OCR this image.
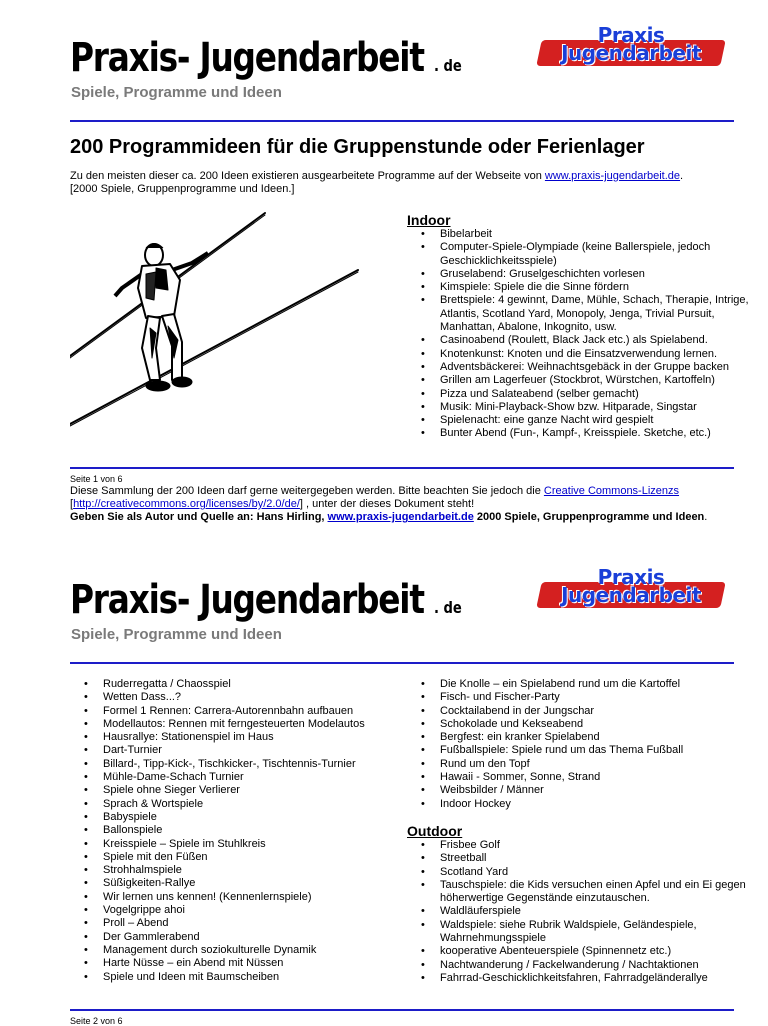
Praxis- Jugendarbeit . de
Spiele, Programme und Ideen
Praxis
Jugendarbeit
200 Programmideen für die Gruppenstunde oder Ferienlager
Zu den meisten dieser ca. 200 Ideen existieren ausgearbeitete Programme auf der Webseite von www.praxis-jugendarbeit.de.
[2000 Spiele, Gruppenprogramme und Ideen.]
Indoor
• Bibelarbeit
• Computer-Spiele-Olympiade (keine Ballerspiele, jedoch Geschicklichkeitsspiele)
• Gruselabend: Gruselgeschichten vorlesen
• Kimspiele: Spiele die die Sinne fördern
• Brettspiele: 4 gewinnt, Dame, Mühle, Schach, Therapie, Intrige, Atlantis, Scotland Yard, Monopoly, Jenga, Trivial Pursuit, Manhattan, Abalone, Inkognito, usw.
• Casinoabend (Roulett, Black Jack etc.) als Spielabend.
• Knotenkunst: Knoten und die Einsatzverwendung lernen.
• Adventsbäckerei: Weihnachtsgebäck in der Gruppe backen
• Grillen am Lagerfeuer (Stockbrot, Würstchen, Kartoffeln)
• Pizza und Salateabend (selber gemacht)
• Musik: Mini-Playback-Show bzw. Hitparade, Singstar
• Spielenacht: eine ganze Nacht wird gespielt
• Bunter Abend (Fun-, Kampf-, Kreisspiele. Sketche, etc.)
Seite 1 von 6
Diese Sammlung der 200 Ideen darf gerne weitergegeben werden. Bitte beachten Sie jedoch die Creative Commons-Lizenzs
[http://creativecommons.org/licenses/by/2.0/de/] , unter der dieses Dokument steht!
Geben Sie als Autor und Quelle an: Hans Hirling, www.praxis-jugendarbeit.de 2000 Spiele, Gruppenprogramme und Ideen.
Praxis- Jugendarbeit . de
Spiele, Programme und Ideen
Praxis
Jugendarbeit
• Ruderregatta / Chaosspiel
• Wetten Dass...?
• Formel 1 Rennen: Carrera-Autorennbahn aufbauen
• Modellautos: Rennen mit ferngesteuerten Modelautos
• Hausrallye: Stationenspiel im Haus
• Dart-Turnier
• Billard-, Tipp-Kick-, Tischkicker-, Tischtennis-Turnier
• Mühle-Dame-Schach Turnier
• Spiele ohne Sieger Verlierer
• Sprach & Wortspiele
• Babyspiele
• Ballonspiele
• Kreisspiele – Spiele im Stuhlkreis
• Spiele mit den Füßen
• Strohhalmspiele
• Süßigkeiten-Rallye
• Wir lernen uns kennen! (Kennenlernspiele)
• Vogelgrippe ahoi
• Proll – Abend
• Der Gammlerabend
• Management durch soziokulturelle Dynamik
• Harte Nüsse – ein Abend mit Nüssen
• Spiele und Ideen mit Baumscheiben
• Die Knolle – ein Spielabend rund um die Kartoffel
• Fisch- und Fischer-Party
• Cocktailabend in der Jungschar
• Schokolade und Kekseabend
• Bergfest: ein kranker Spielabend
• Fußballspiele: Spiele rund um das Thema Fußball
• Rund um den Topf
• Hawaii - Sommer, Sonne, Strand
• Weibsbilder / Männer
• Indoor Hockey
Outdoor
• Frisbee Golf
• Streetball
• Scotland Yard
• Tauschspiele: die Kids versuchen einen Apfel und ein Ei gegen höherwertige Gegenstände einzutauschen.
• Waldläuferspiele
• Waldspiele: siehe Rubrik Waldspiele, Geländespiele, Wahrnehmungsspiele
• kooperative Abenteuerspiele (Spinnennetz etc.)
• Nachtwanderung / Fackelwanderung / Nachtaktionen
• Fahrrad-Geschicklichkeitsfahren, Fahrradgeländerallye
Seite 2 von 6
